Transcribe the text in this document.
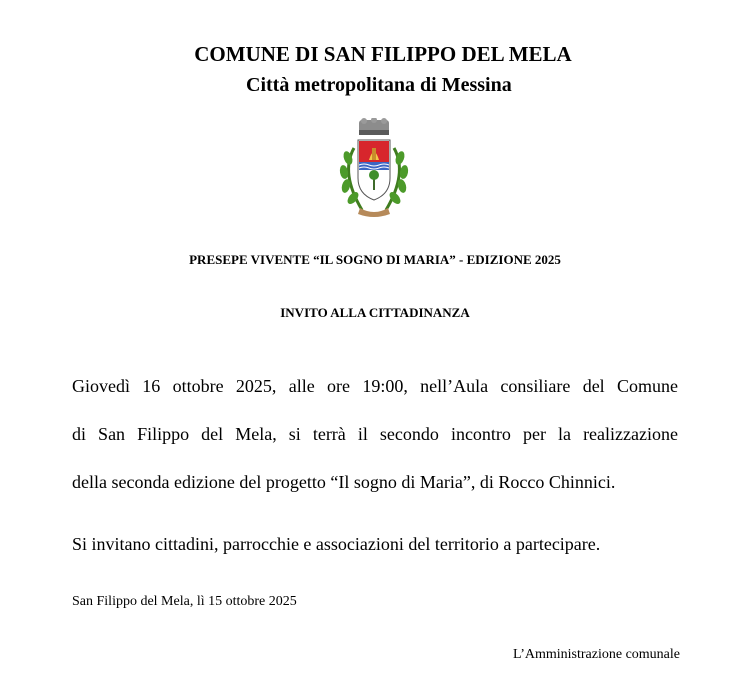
COMUNE DI SAN FILIPPO DEL MELA
Città metropolitana di Messina
PRESEPE VIVENTE “IL SOGNO DI MARIA” - EDIZIONE 2025
INVITO ALLA CITTADINANZA
Giovedì 16 ottobre 2025, alle ore 19:00, nell’Aula consiliare del Comune
di San Filippo del Mela, si terrà il secondo incontro per la realizzazione
della seconda edizione del progetto “Il sogno di Maria”, di Rocco Chinnici.
Si invitano cittadini, parrocchie e associazioni del territorio a partecipare.
San Filippo del Mela, lì 15 ottobre 2025
L’Amministrazione comunale
